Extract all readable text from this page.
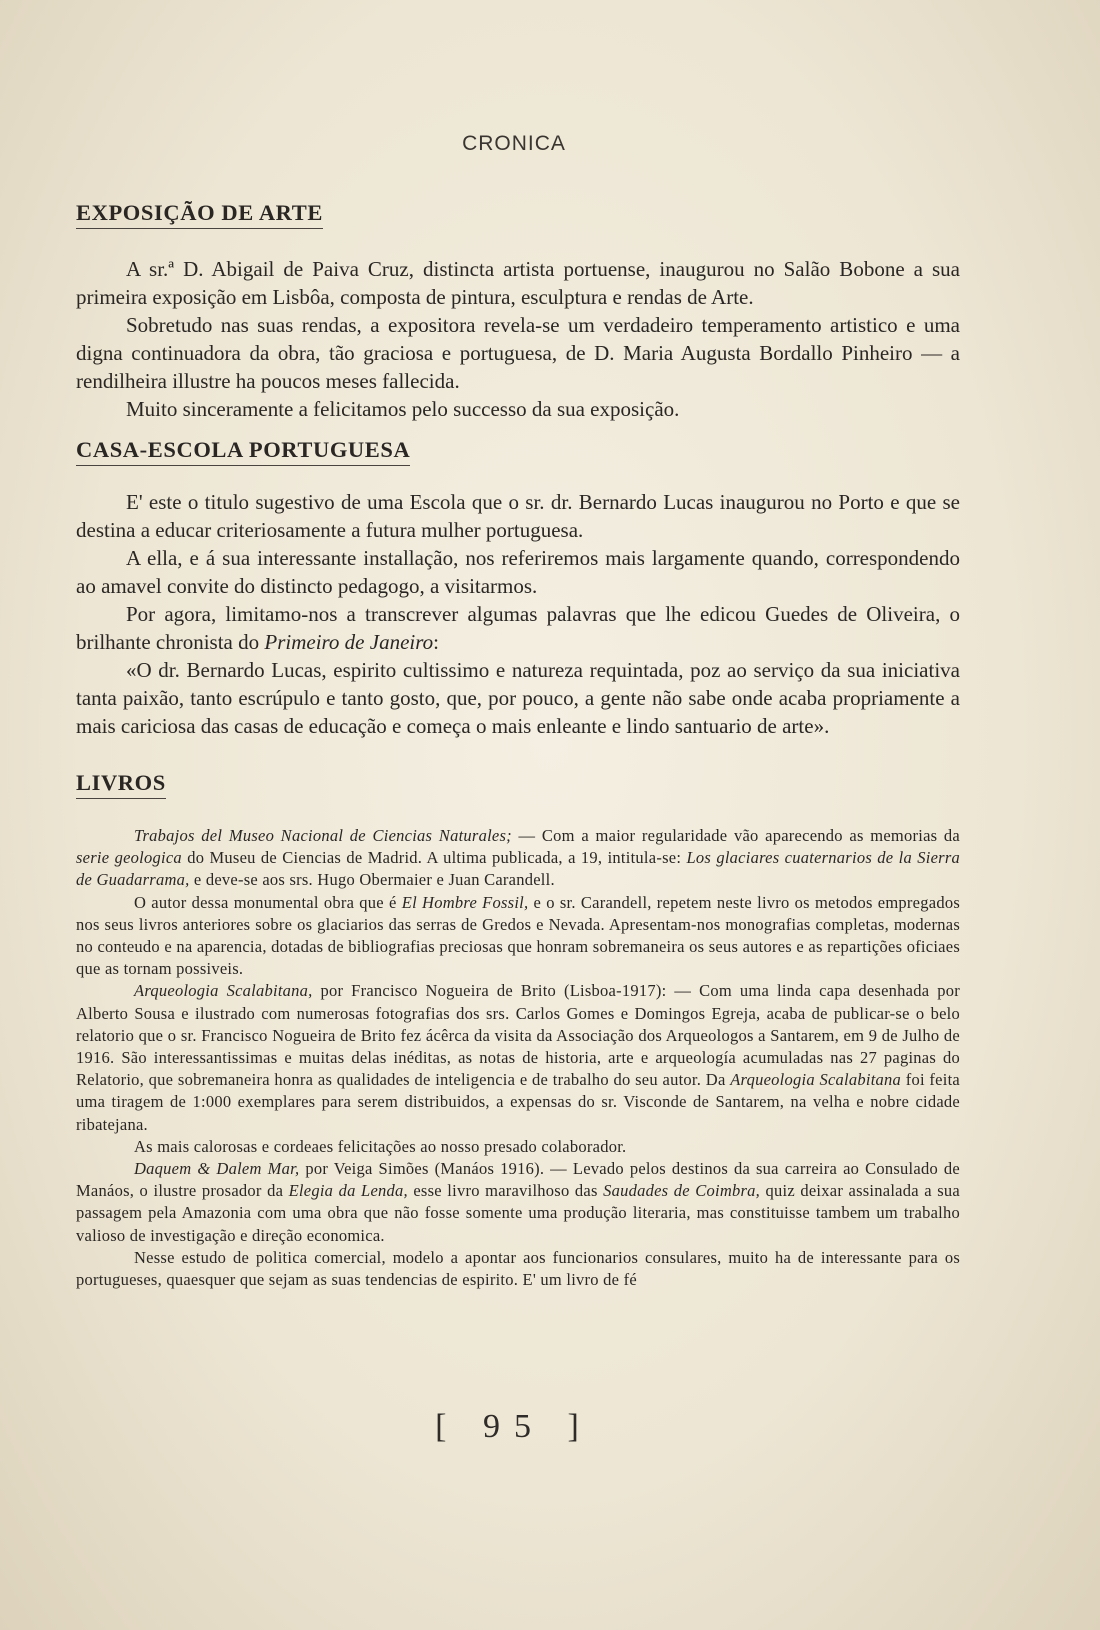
CRONICA
EXPOSIÇÃO DE ARTE

A sr.ª D. Abigail de Paiva Cruz, distincta artista portuense, inaugurou no Salão Bobone a sua primeira exposição em Lisbôa, composta de pintura, esculptura e rendas de Arte.

Sobretudo nas suas rendas, a expositora revela-se um verdadeiro temperamento artistico e uma digna continuadora da obra, tão graciosa e portuguesa, de D. Maria Augusta Bordallo Pinheiro — a rendilheira illustre ha poucos meses fallecida.

Muito sinceramente a felicitamos pelo successo da sua exposição.

CASA-ESCOLA PORTUGUESA

E' este o titulo sugestivo de uma Escola que o sr. dr. Bernardo Lucas inaugurou no Porto e que se destina a educar criteriosamente a futura mulher portuguesa.

A ella, e á sua interessante installação, nos referiremos mais largamente quando, correspondendo ao amavel convite do distincto pedagogo, a visitarmos.

Por agora, limitamo-nos a transcrever algumas palavras que lhe edicou Guedes de Oliveira, o brilhante chronista do Primeiro de Janeiro:

«O dr. Bernardo Lucas, espirito cultissimo e natureza requintada, poz ao serviço da sua iniciativa tanta paixão, tanto escrúpulo e tanto gosto, que, por pouco, a gente não sabe onde acaba propriamente a mais cariciosa das casas de educação e começa o mais enleante e lindo santuario de arte».

LIVROS

Trabajos del Museo Nacional de Ciencias Naturales; — Com a maior regularidade vão aparecendo as memorias da serie geologica do Museu de Ciencias de Madrid. A ultima publicada, a 19, intitula-se: Los glaciares cuaternarios de la Sierra de Guadarrama, e deve-se aos srs. Hugo Obermaier e Juan Carandell.

O autor dessa monumental obra que é El Hombre Fossil, e o sr. Carandell, repetem neste livro os metodos empregados nos seus livros anteriores sobre os glaciarios das serras de Gredos e Nevada. Apresentam-nos monografias completas, modernas no conteudo e na aparencia, dotadas de bibliografias preciosas que honram sobremaneira os seus autores e as repartições oficiaes que as tornam possiveis.

Arqueologia Scalabitana, por Francisco Nogueira de Brito (Lisboa-1917): — Com uma linda capa desenhada por Alberto Sousa e ilustrado com numerosas fotografias dos srs. Carlos Gomes e Domingos Egreja, acaba de publicar-se o belo relatorio que o sr. Francisco Nogueira de Brito fez ácêrca da visita da Associação dos Arqueologos a Santarem, em 9 de Julho de 1916. São interessantissimas e muitas delas inéditas, as notas de historia, arte e arqueología acumuladas nas 27 paginas do Relatorio, que sobremaneira honra as qualidades de inteligencia e de trabalho do seu autor. Da Arqueologia Scalabitana foi feita uma tiragem de 1:000 exemplares para serem distribuidos, a expensas do sr. Visconde de Santarem, na velha e nobre cidade ribatejana.

As mais calorosas e cordeaes felicitações ao nosso presado colaborador.

Daquem & Dalem Mar, por Veiga Simões (Manáos 1916). — Levado pelos destinos da sua carreira ao Consulado de Manáos, o ilustre prosador da Elegia da Lenda, esse livro maravilhoso das Saudades de Coimbra, quiz deixar assinalada a sua passagem pela Amazonia com uma obra que não fosse somente uma produção literaria, mas constituisse tambem um trabalho valioso de investigação e direção economica.

Nesse estudo de politica comercial, modelo a apontar aos funcionarios consulares, muito ha de interessante para os portugueses, quaesquer que sejam as suas tendencias de espirito. E' um livro de fé

[ 95 ]
